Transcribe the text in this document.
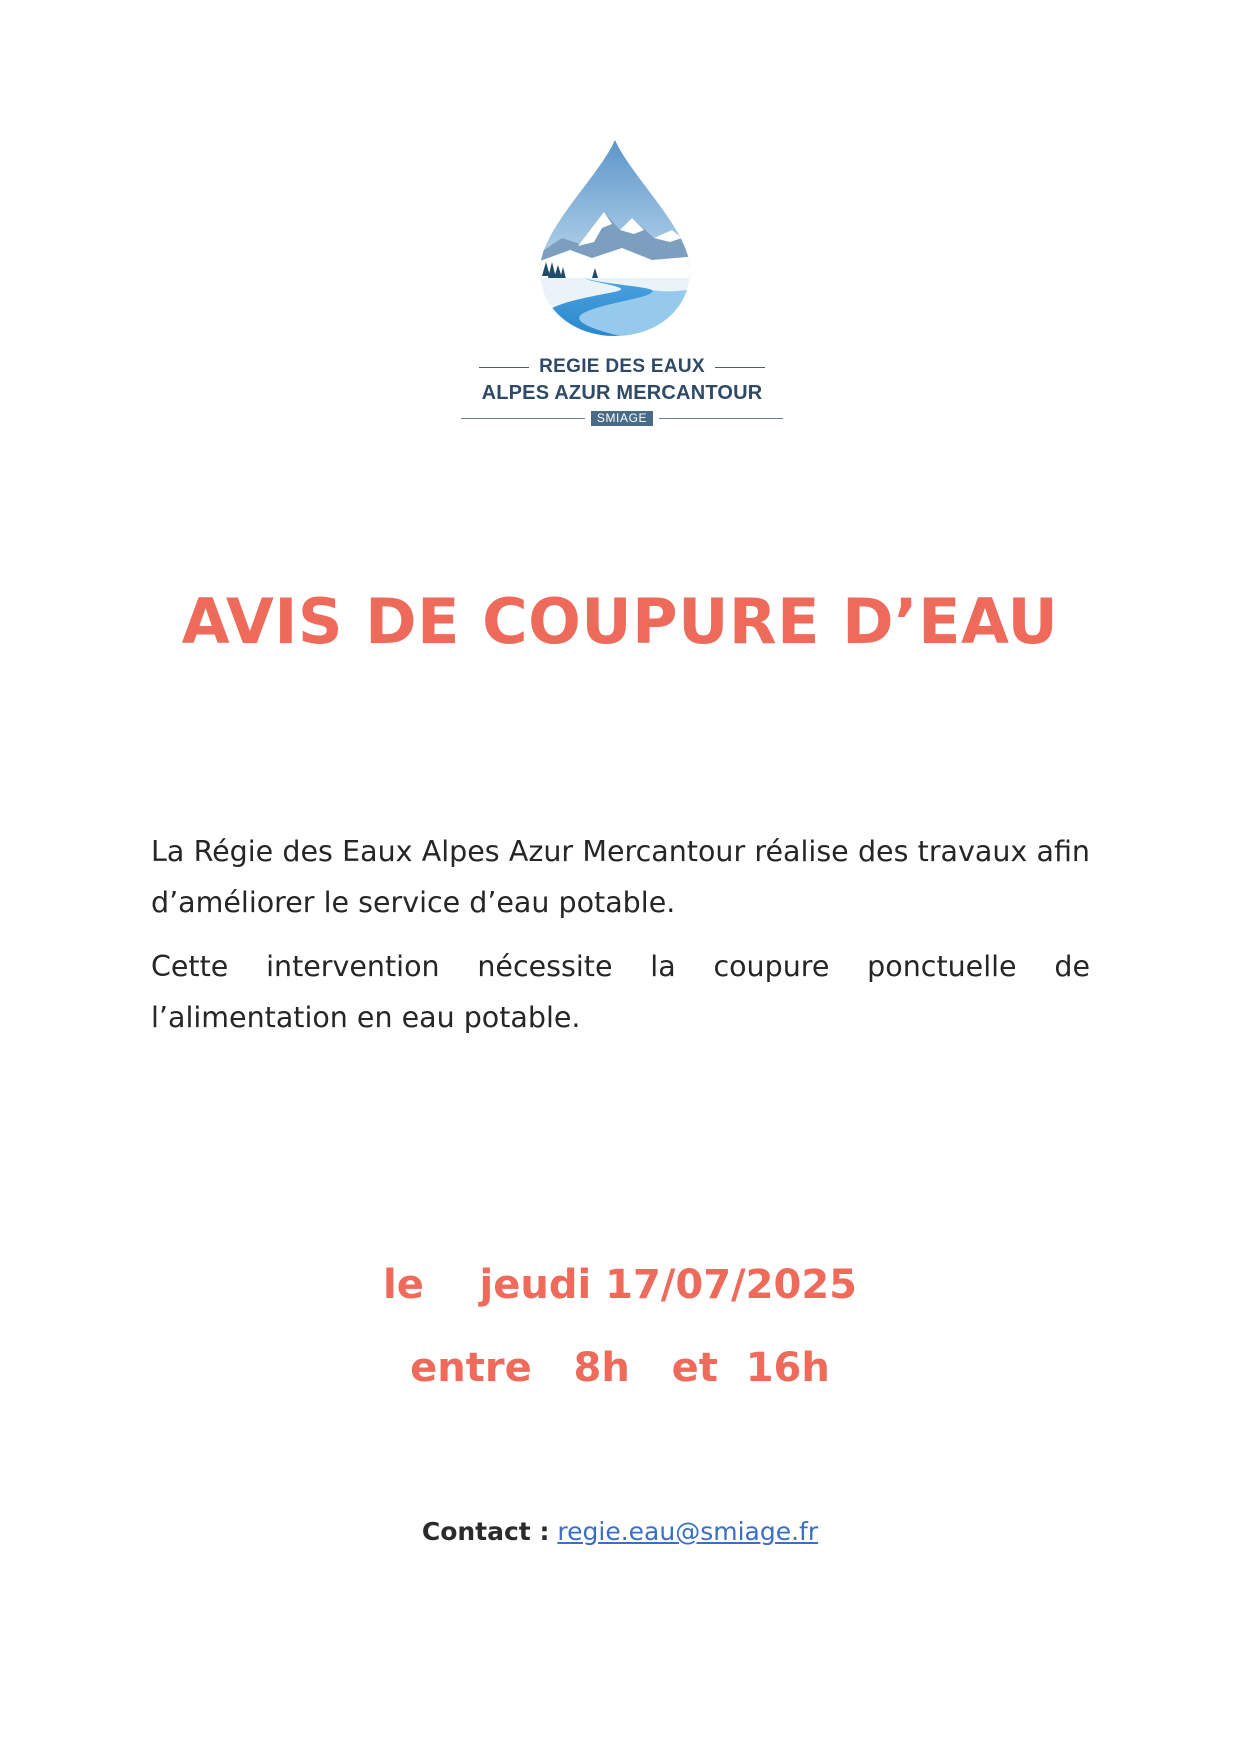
REGIE DES EAUX
ALPES AZUR MERCANTOUR
SMIAGE
AVIS DE COUPURE D’EAU
La Régie des Eaux Alpes Azur Mercantour réalise des travaux afin d’améliorer le service d’eau potable.
Cette intervention nécessite la coupure ponctuelle de l’alimentation en eau potable.
le    jeudi 17/07/2025
entre   8h   et  16h
Contact : regie.eau@smiage.fr
